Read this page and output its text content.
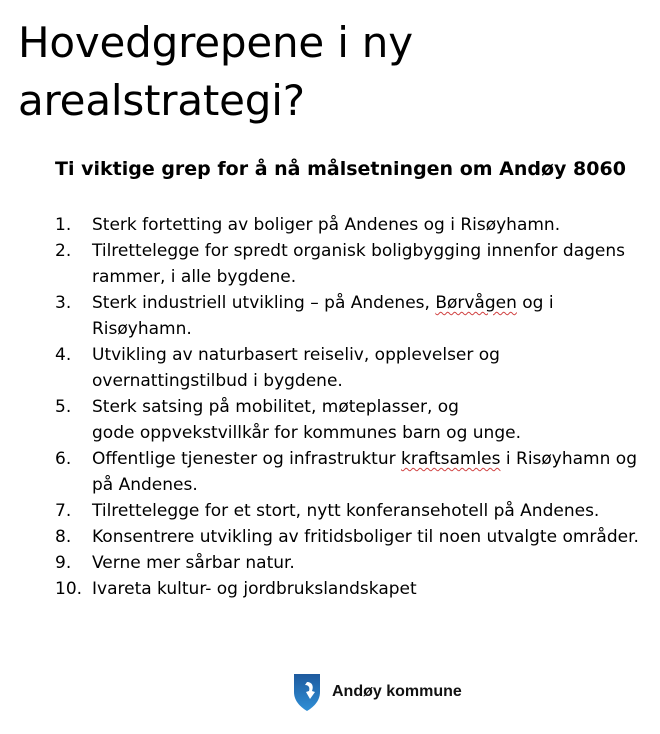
Hovedgrepene i ny arealstrategi?
Ti viktige grep for å nå målsetningen om Andøy 8060
1. Sterk fortetting av boliger på Andenes og i Risøyhamn.
2. Tilrettelegge for spredt organisk boligbygging innenfor dagens rammer, i alle bygdene.
3. Sterk industriell utvikling – på Andenes, Børvågen og i Risøyhamn.
4. Utvikling av naturbasert reiseliv, opplevelser og overnattingstilbud i bygdene.
5. Sterk satsing på mobilitet, møteplasser, og
gode oppvekstvillkår for kommunes barn og unge.
6. Offentlige tjenester og infrastruktur kraftsamles i Risøyhamn og på Andenes.
7. Tilrettelegge for et stort, nytt konferansehotell på Andenes.
8. Konsentrere utvikling av fritidsboliger til noen utvalgte områder.
9. Verne mer sårbar natur.
10. Ivareta kultur- og jordbrukslandskapet
Andøy kommune
